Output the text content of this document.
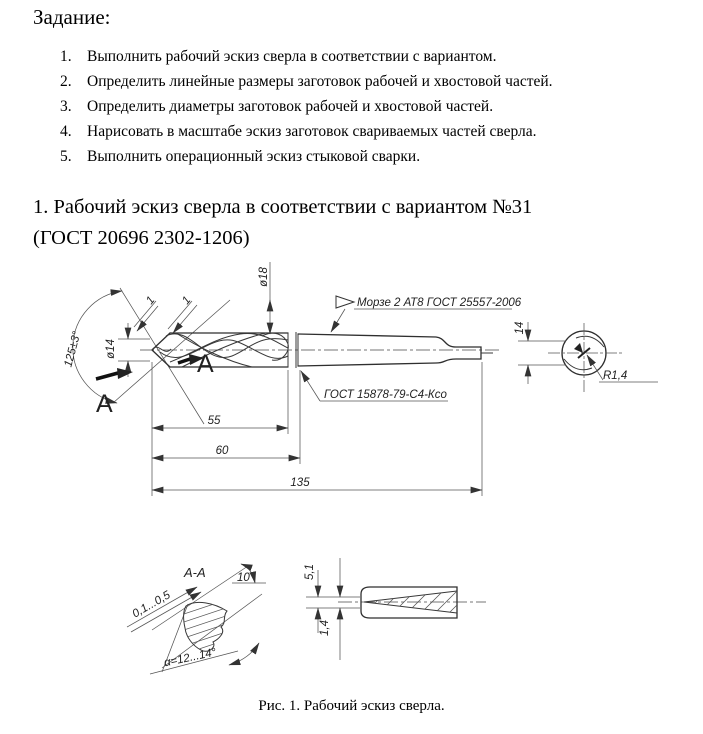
Задание:
1. Выполнить рабочий эскиз сверла в соответствии с вариантом.
2. Определить линейные размеры заготовок рабочей и хвостовой частей.
3. Определить диаметры заготовок рабочей и хвостовой частей.
4. Нарисовать в масштабе эскиз заготовок свариваемых частей сверла.
5. Выполнить операционный эскиз стыковой сварки.
1. Рабочий эскиз сверла в соответствии с вариантом №31
(ГОСТ 20696 2302-1206)
125±3° ø14
ø18
1 1
А
А
Морзе 2 АТ8 ГОСТ 25557-2006
ГОСТ 15878-79-С4-Ксо
55
60
135
14
R1,4
А-А	10°
0,1...0,5
α=12...14°
5,1
1,4
Рис. 1. Рабочий эскиз сверла.
